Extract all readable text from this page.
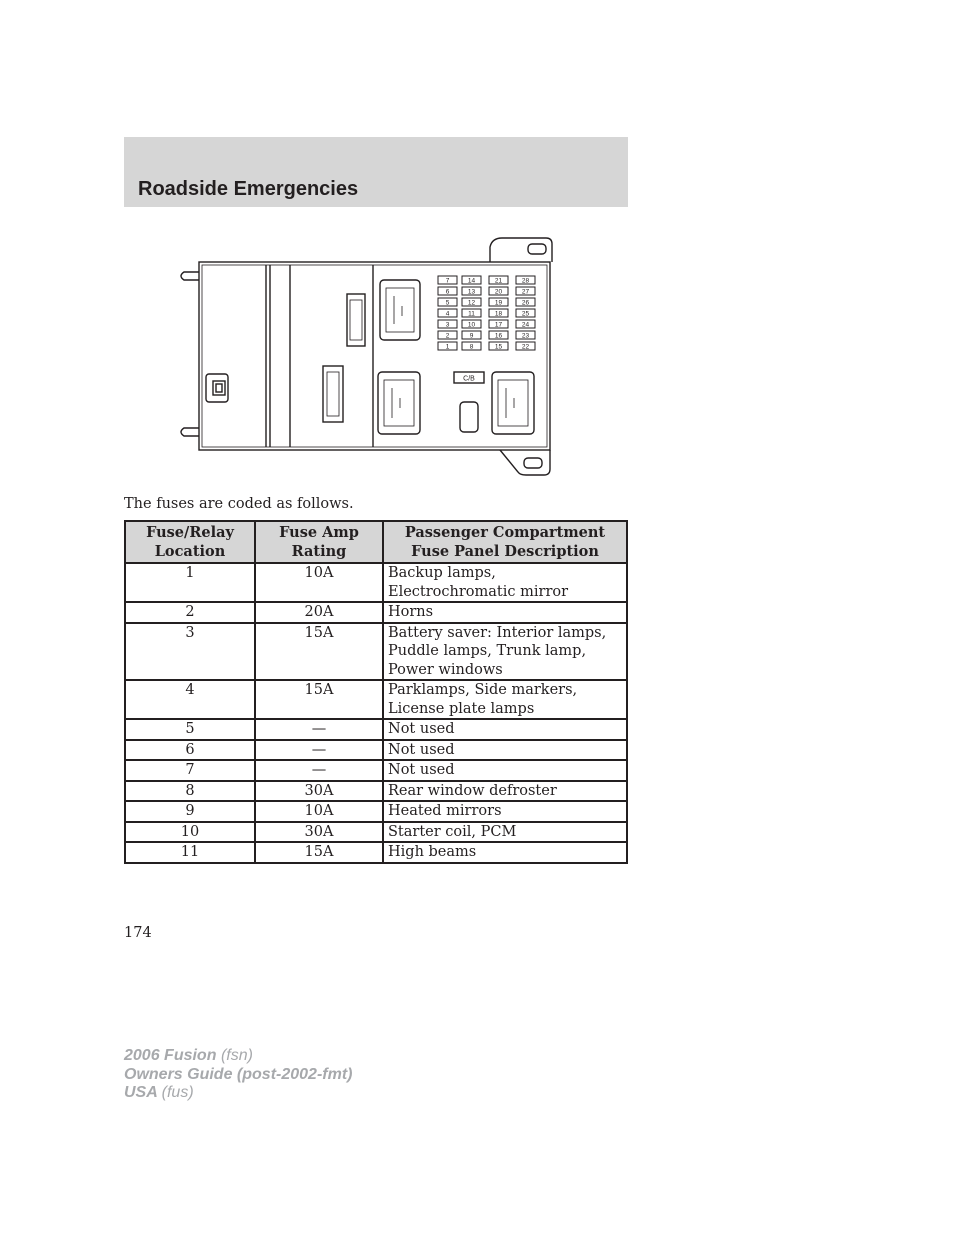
Roadside Emergencies
7
6
5
4
3
2
1
14
13
12
11
10
9
8
21
20
19
18
17
16
15
28
27
26
25
24
23
22
C/B
The fuses are coded as follows.
Fuse/Relay Location	Fuse Amp Rating	Passenger Compartment Fuse Panel Description
1	10A	Backup lamps, Electrochromatic mirror
2	20A	Horns
3	15A	Battery saver: Interior lamps, Puddle lamps, Trunk lamp, Power windows
4	15A	Parklamps, Side markers, License plate lamps
5	—	Not used
6	—	Not used
7	—	Not used
8	30A	Rear window defroster
9	10A	Heated mirrors
10	30A	Starter coil, PCM
11	15A	High beams
174
2006 Fusion (fsn)
Owners Guide (post-2002-fmt)
USA (fus)
